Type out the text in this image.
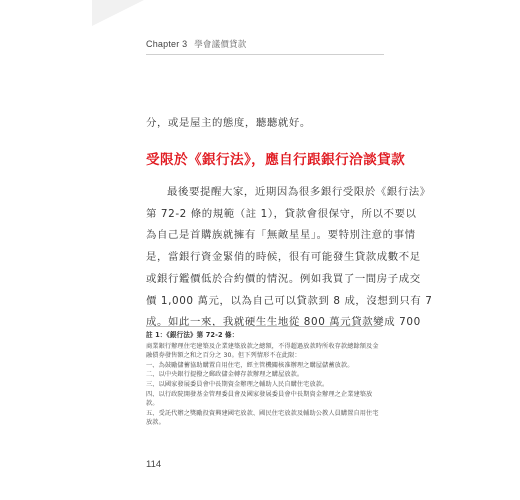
Chapter 3 學會議價貸款
分，或是屋主的態度，聽聽就好。
受限於《銀行法》，應自行跟銀行洽談貸款
最後要提醒大家，近期因為很多銀行受限於《銀行法》
第 72-2 條的規範（註 1），貸款會很保守，所以不要以
為自己是首購族就擁有「無敵星星」。要特別注意的事情
是，當銀行資金緊俏的時候，很有可能發生貸款成數不足
或銀行鑑價低於合約價的情況。例如我買了一間房子成交
價 1,000 萬元，以為自己可以貸款到 8 成，沒想到只有 7
成。如此一來，我就硬生生地從 800 萬元貸款變成 700
註 1：《銀行法》第 72-2 條：
商業銀行辦理住宅建築及企業建築放款之總額，不得超過放款時所收存款總餘額及金融債券發售額之和之百分之 30。但下列情形不在此限：
一、為鼓勵儲蓄協助購置自用住宅，經主管機關核准辦理之購屋儲蓄放款。
二、以中央銀行提撥之郵政儲金轉存款辦理之購屋放款。
三、以國家發展委員會中長期資金辦理之輔助人民自購住宅放款。
四、以行政院開發基金管理委員會及國家發展委員會中長期資金辦理之企業建築放款。
五、受託代辦之獎勵投資興建國宅放款、國民住宅放款及輔助公教人員購置自用住宅放款。
114
